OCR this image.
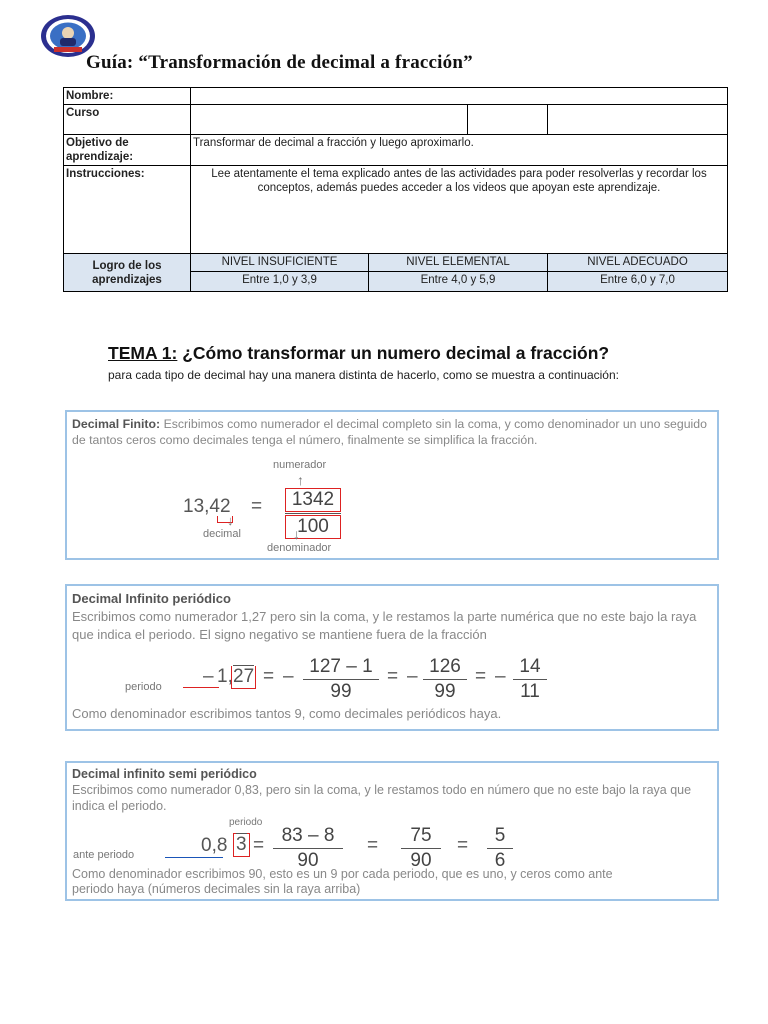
Guía: “Transformación de decimal a fracción”
Nombre:				
Curso				
Objetivo de aprendizaje:	Transformar de decimal a fracción y luego aproximarlo.			
Instrucciones:	Lee atentamente el tema explicado antes de las actividades para poder resolverlas y recordar los conceptos, además puedes acceder a los videos que apoyan este aprendizaje.			
Logro de los aprendizajes	NIVEL INSUFICIENTE	NIVEL ELEMENTAL		NIVEL ADECUADO
	Entre 1,0 y 3,9	Entre 4,0 y 5,9		Entre 6,0 y 7,0
TEMA 1: ¿Cómo transformar un numero decimal a fracción?
para cada tipo de decimal hay una manera distinta de hacerlo, como se muestra a continuación:
Decimal Finito: Escribimos como numerador el decimal completo sin la coma, y como denominador un uno seguido de tantos ceros como decimales tenga el número, finalmente se simplifica la fracción.
numerador
↑
13,42 =
↓
decimal $\frac{1342}{100}$
↓
denominador
Decimal Infinito periódico
Escribimos como numerador 1,27 pero sin la coma, y le restamos la parte numérica que no este bajo la raya que indica el periodo. El signo negativo se mantiene fuera de la fracción
periodo – 1, 27 = – 127 – 1
99
= – 126
99
= – 14
11
Como denominador escribimos tantos 9, como decimales periódicos haya.
Decimal infinito semi periódico
Escribimos como numerador 0,83, pero sin la coma, y le restamos todo en número que no este bajo la raya que indica el periodo.
periodo
ante periodo	0,8 3 = 83 – 8
90
=	75
90
=	5
6
Como denominador escribimos 90, esto es un 9 por cada periodo, que es uno, y ceros como ante periodo haya (números decimales sin la raya arriba)
